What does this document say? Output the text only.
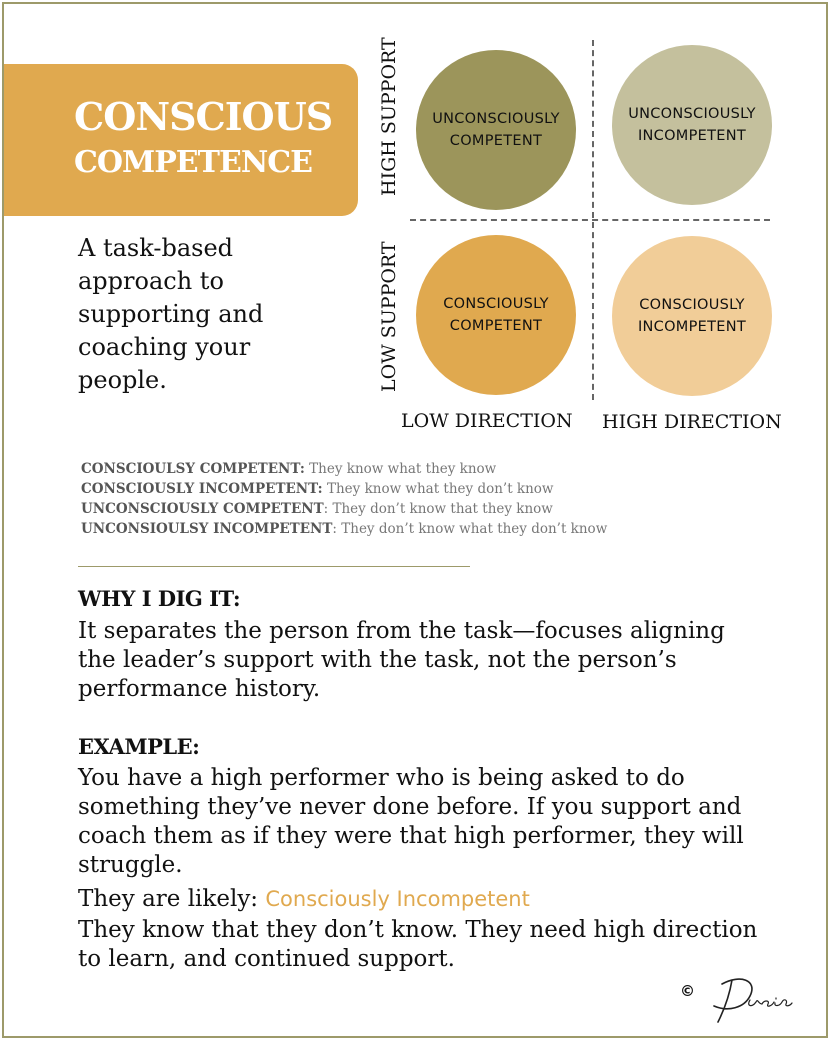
CONSCIOUS
COMPETENCE
A task-based approach to supporting and coaching your people.
HIGH SUPPORT
LOW SUPPORT
LOW DIRECTION HIGH DIRECTION
UNCONSCIOUSLY
COMPETENT
UNCONSCIOUSLY
INCOMPETENT
CONSCIOUSLY
COMPETENT
CONSCIOUSLY
INCOMPETENT
CONSCIOULSY COMPETENT: They know what they know
CONSCIOUSLY INCOMPETENT: They know what they don’t know
UNCONSCIOUSLY COMPETENT: They don’t know that they know
UNCONSIOULSY INCOMPETENT: They don’t know what they don’t know
WHY I DIG IT:
It separates the person from the task—focuses aligning the leader’s support with the task, not the person’s performance history.
EXAMPLE:
You have a high performer who is being asked to do something they’ve never done before. If you support and coach them as if they were that high performer, they will struggle.
They are likely: Consciously Incompetent
They know that they don’t know. They need high direction to learn, and continued support.
©
